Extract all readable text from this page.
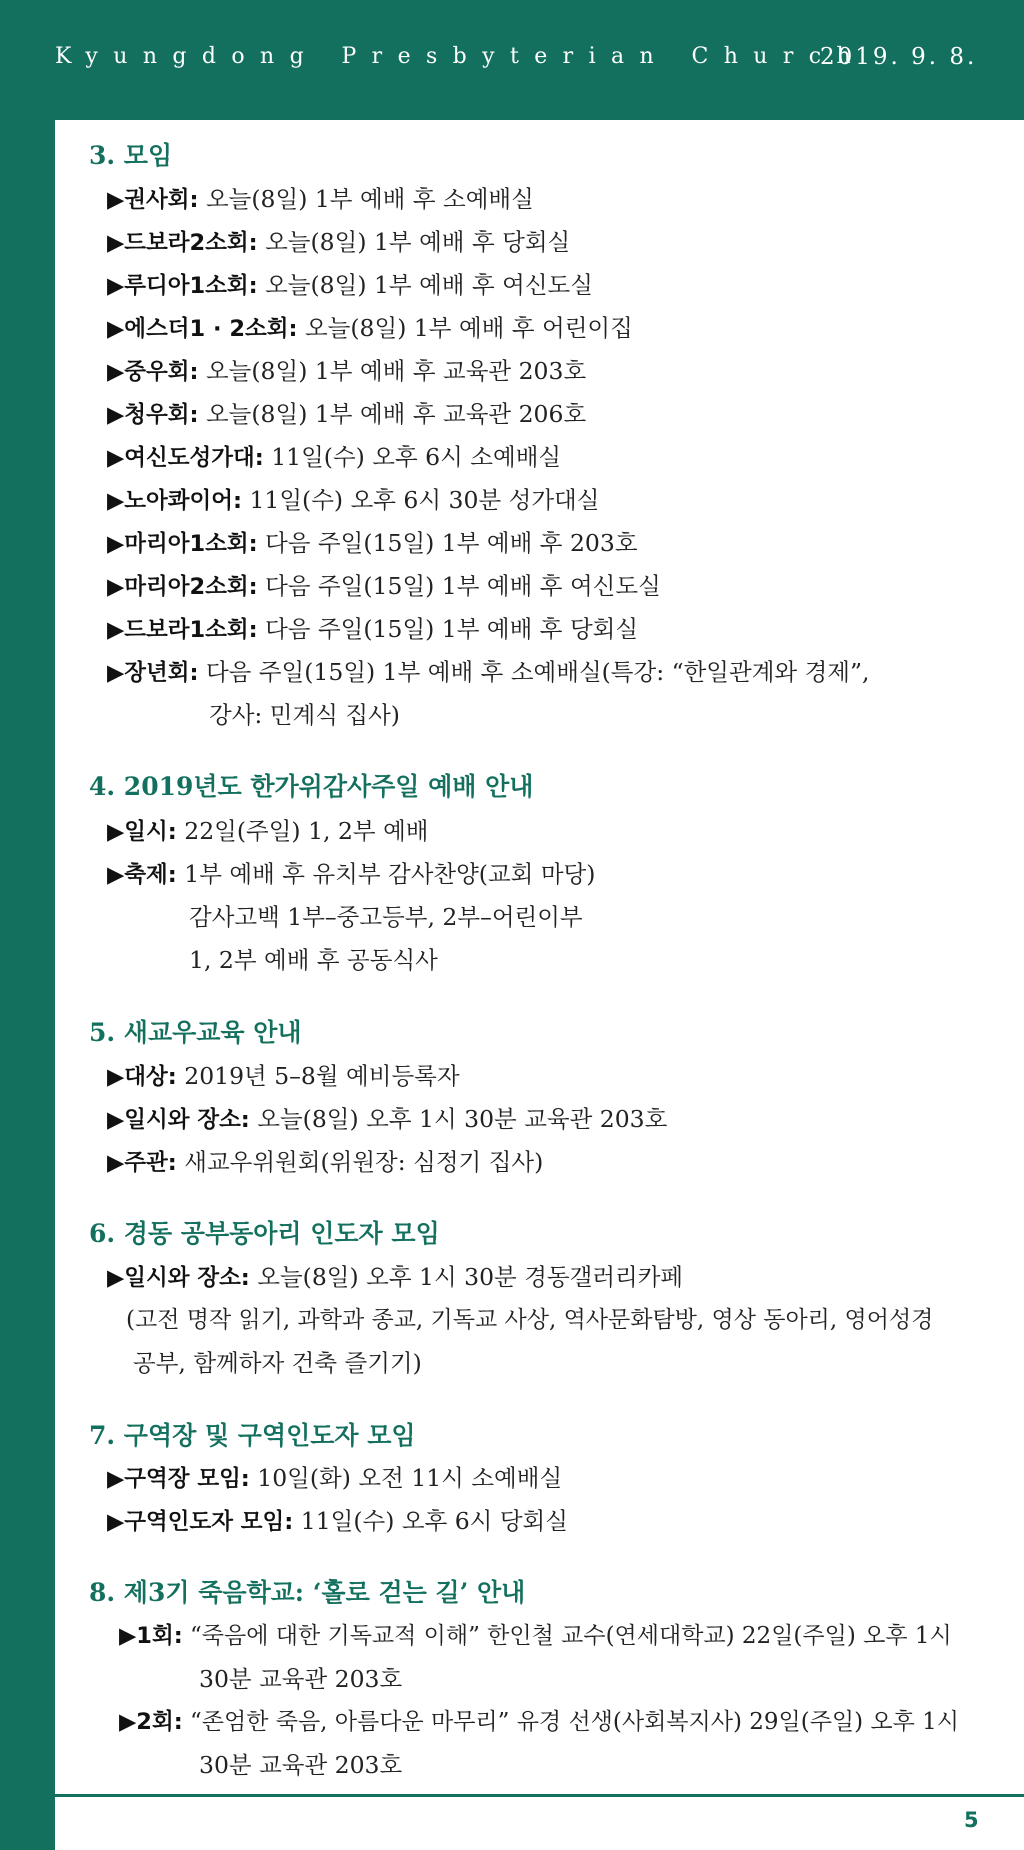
Kyungdong Presbyterian Church
2019. 9. 8.
3. 모임
▶권사회: 오늘(8일) 1부 예배 후 소예배실
▶드보라2소회: 오늘(8일) 1부 예배 후 당회실
▶루디아1소회: 오늘(8일) 1부 예배 후 여신도실
▶에스더1 · 2소회: 오늘(8일) 1부 예배 후 어린이집
▶중우회: 오늘(8일) 1부 예배 후 교육관 203호
▶청우회: 오늘(8일) 1부 예배 후 교육관 206호
▶여신도성가대: 11일(수) 오후 6시 소예배실
▶노아콰이어: 11일(수) 오후 6시 30분 성가대실
▶마리아1소회: 다음 주일(15일) 1부 예배 후 203호
▶마리아2소회: 다음 주일(15일) 1부 예배 후 여신도실
▶드보라1소회: 다음 주일(15일) 1부 예배 후 당회실
▶장년회: 다음 주일(15일) 1부 예배 후 소예배실(특강: “한일관계와 경제”,
강사: 민계식 집사)
4. 2019년도 한가위감사주일 예배 안내
▶일시: 22일(주일) 1, 2부 예배
▶축제: 1부 예배 후 유치부 감사찬양(교회 마당)
감사고백 1부–중고등부, 2부–어린이부
1, 2부 예배 후 공동식사
5. 새교우교육 안내
▶대상: 2019년 5–8월 예비등록자
▶일시와 장소: 오늘(8일) 오후 1시 30분 교육관 203호
▶주관: 새교우위원회(위원장: 심정기 집사)
6. 경동 공부동아리 인도자 모임
▶일시와 장소: 오늘(8일) 오후 1시 30분 경동갤러리카페
(고전 명작 읽기, 과학과 종교, 기독교 사상, 역사문화탐방, 영상 동아리, 영어성경
공부, 함께하자 건축 즐기기)
7. 구역장 및 구역인도자 모임
▶구역장 모임: 10일(화) 오전 11시 소예배실
▶구역인도자 모임: 11일(수) 오후 6시 당회실
8. 제3기 죽음학교: ‘홀로 걷는 길’ 안내
▶1회: “죽음에 대한 기독교적 이해” 한인철 교수(연세대학교) 22일(주일) 오후 1시
30분 교육관 203호
▶2회: “존엄한 죽음, 아름다운 마무리” 유경 선생(사회복지사) 29일(주일) 오후 1시
30분 교육관 203호
5
